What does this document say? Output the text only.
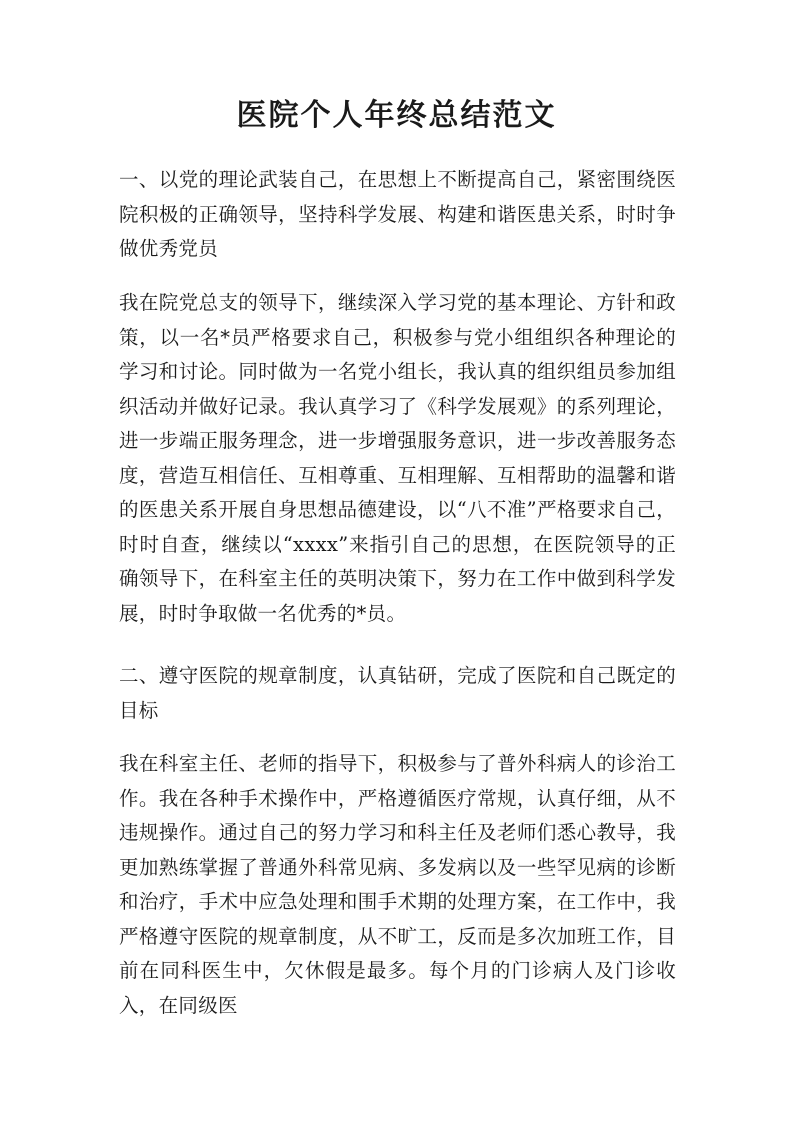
医院个人年终总结范文

一、以党的理论武装自己，在思想上不断提高自己，紧密围绕医院积极的正确领导，坚持科学发展、构建和谐医患关系，时时争做优秀党员

我在院党总支的领导下，继续深入学习党的基本理论、方针和政策，以一名*员严格要求自己，积极参与党小组组织各种理论的学习和讨论。同时做为一名党小组长，我认真的组织组员参加组织活动并做好记录。我认真学习了《科学发展观》的系列理论，进一步端正服务理念，进一步增强服务意识，进一步改善服务态度，营造互相信任、互相尊重、互相理解、互相帮助的温馨和谐的医患关系开展自身思想品德建设，以“八不准”严格要求自己，时时自查，继续以“xxxx”来指引自己的思想，在医院领导的正确领导下，在科室主任的英明决策下，努力在工作中做到科学发展，时时争取做一名优秀的*员。

二、遵守医院的规章制度，认真钻研，完成了医院和自己既定的目标

我在科室主任、老师的指导下，积极参与了普外科病人的诊治工作。我在各种手术操作中，严格遵循医疗常规，认真仔细，从不违规操作。通过自己的努力学习和科主任及老师们悉心教导，我更加熟练掌握了普通外科常见病、多发病以及一些罕见病的诊断和治疗，手术中应急处理和围手术期的处理方案，在工作中，我严格遵守医院的规章制度，从不旷工，反而是多次加班工作，目前在同科医生中，欠休假是最多。每个月的门诊病人及门诊收入，在同级医
